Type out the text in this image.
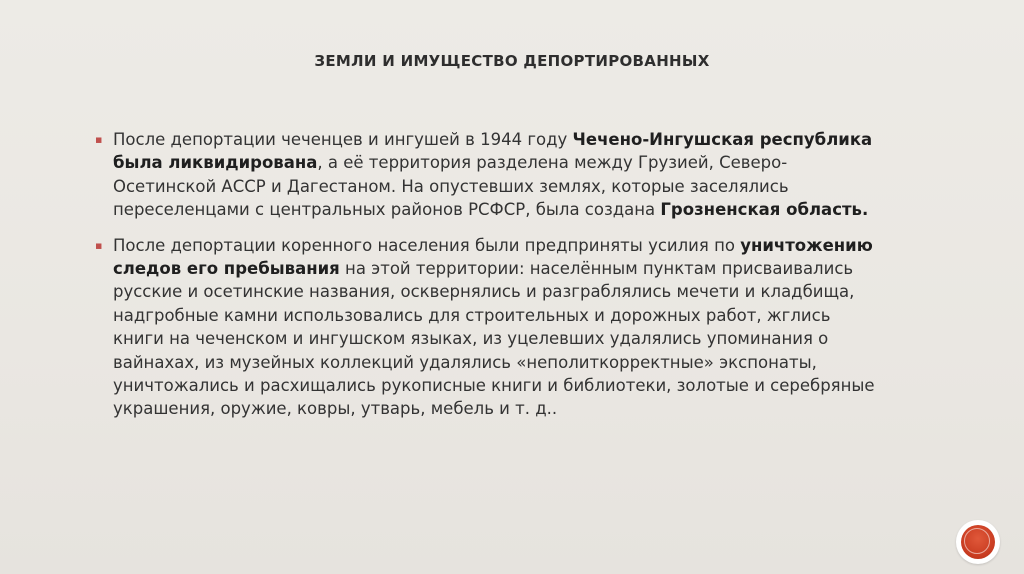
ЗЕМЛИ И ИМУЩЕСТВО ДЕПОРТИРОВАННЫХ
▪ После депортации чеченцев и ингушей в 1944 году Чечено-Ингушская республика была ликвидирована, а её территория разделена между Грузией, Северо-Осетинской АССР и Дагестаном. На опустевших землях, которые заселялись переселенцами с центральных районов РСФСР, была создана Грозненская область.
▪ После депортации коренного населения были предприняты усилия по уничтожению следов его пребывания на этой территории: населённым пунктам присваивались русские и осетинские названия, осквернялись и разграблялись мечети и кладбища, надгробные камни использовались для строительных и дорожных работ, жглись книги на чеченском и ингушском языках, из уцелевших удалялись упоминания о вайнахах, из музейных коллекций удалялись «неполиткорректные» экспонаты, уничтожались и расхищались рукописные книги и библиотеки, золотые и серебряные украшения, оружие, ковры, утварь, мебель и т. д..
